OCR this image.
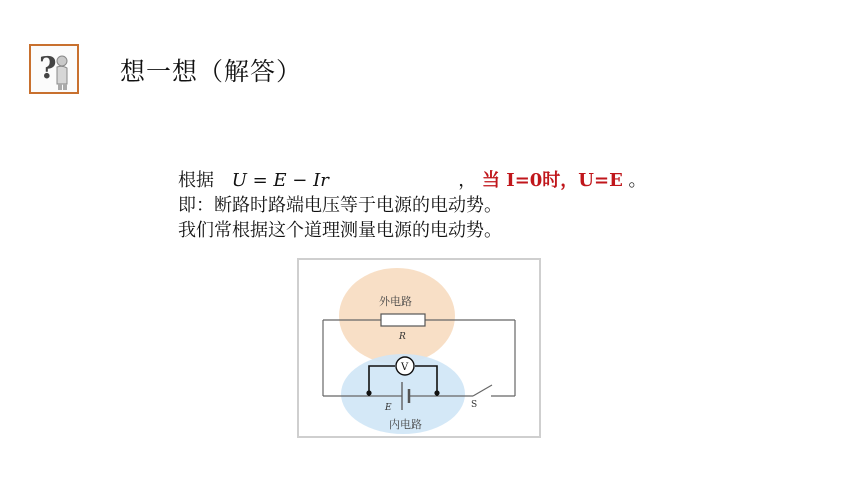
?	想一想（解答）
根据 U = E − Ir	， 当 I=0时，U=E 。
即：断路时路端电压等于电源的电动势。
我们常根据这个道理测量电源的电动势。
外电路
R
V
E	S
内电路
